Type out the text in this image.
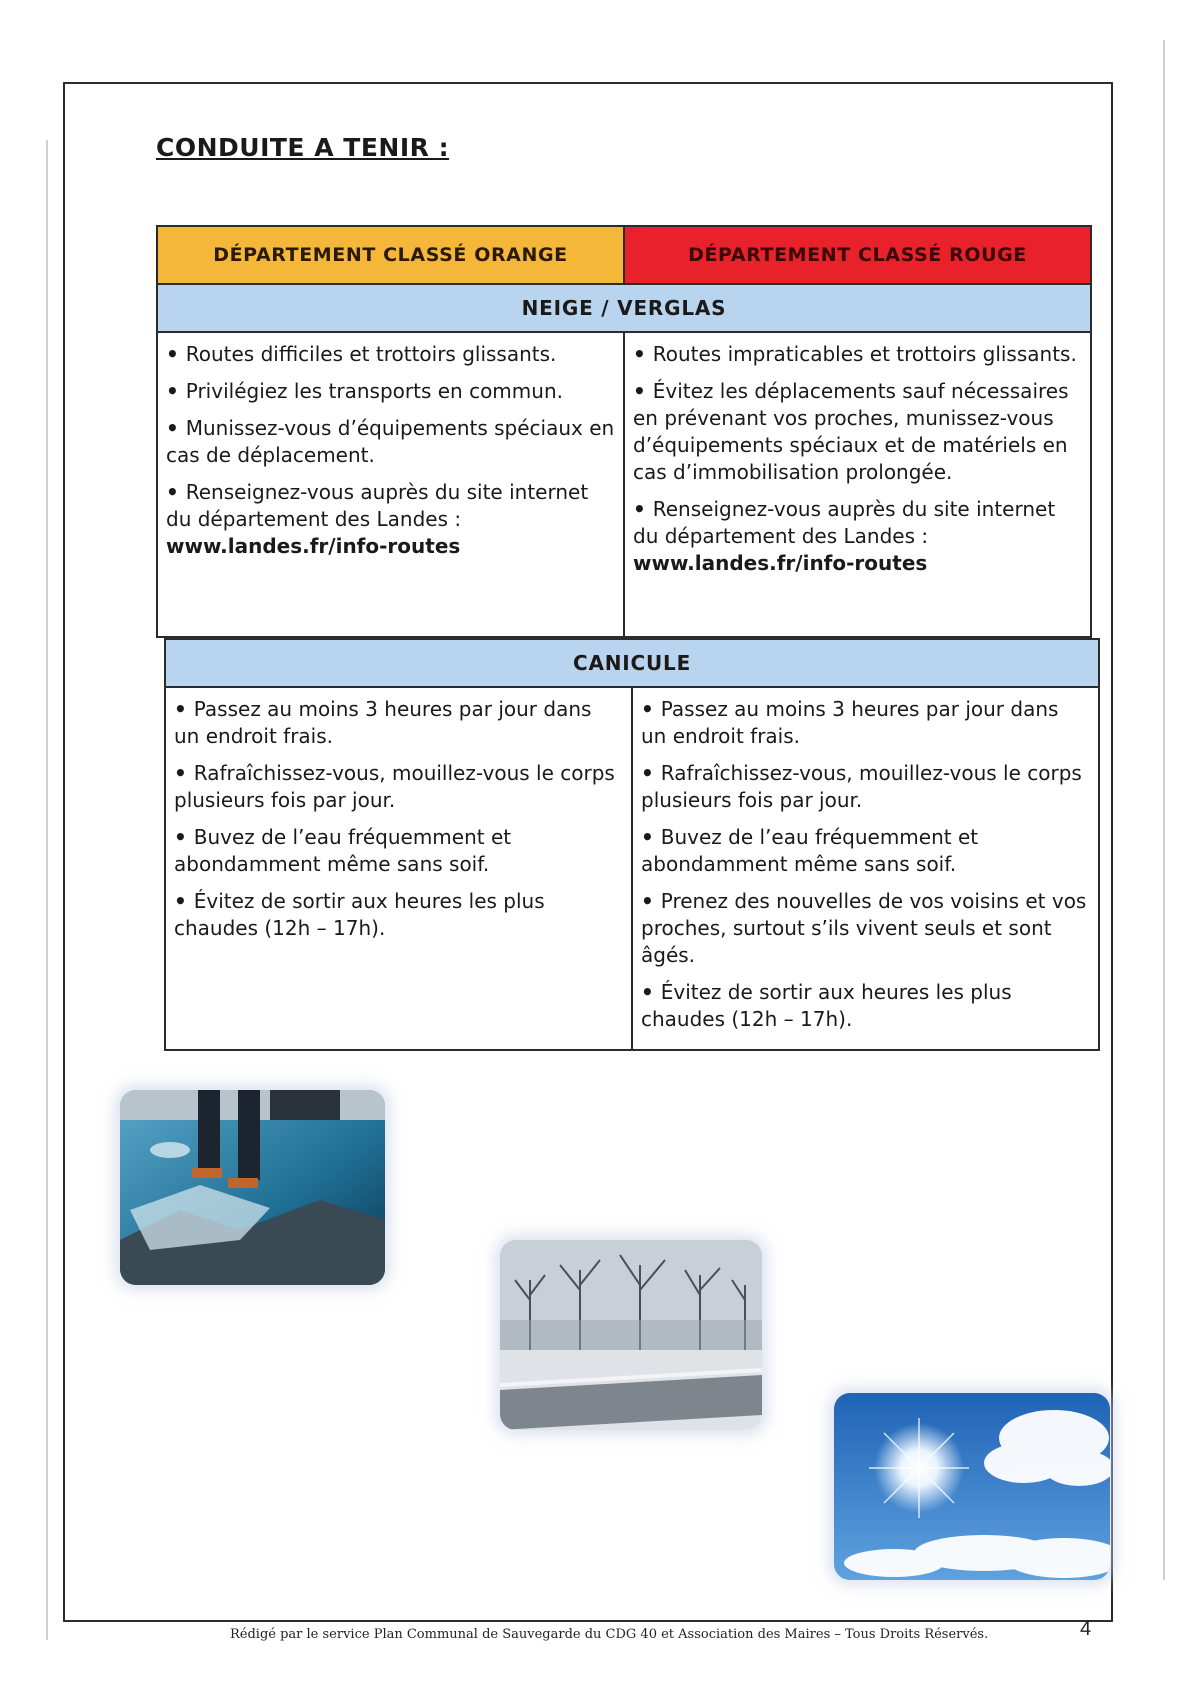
CONDUITE A TENIR :
DÉPARTEMENT CLASSÉ ORANGE	DÉPARTEMENT CLASSÉ ROUGE
NEIGE / VERGLAS

• Routes difficiles et trottoirs glissants.

• Privilégiez les transports en commun.

• Munissez-vous d’équipements spéciaux en cas de déplacement.

• Renseignez-vous auprès du site internet du département des Landes :
www.landes.fr/info-routes

• Routes impraticables et trottoirs glissants.

• Évitez les déplacements sauf nécessaires en prévenant vos proches, munissez-vous d’équipements spéciaux et de matériels en cas d’immobilisation prolongée.

• Renseignez-vous auprès du site internet du département des Landes :
www.landes.fr/info-routes

CANICULE

• Passez au moins 3 heures par jour dans un endroit frais.

• Rafraîchissez-vous, mouillez-vous le corps plusieurs fois par jour.

• Buvez de l’eau fréquemment et abondamment même sans soif.

• Évitez de sortir aux heures les plus chaudes (12h – 17h).

• Passez au moins 3 heures par jour dans un endroit frais.

• Rafraîchissez-vous, mouillez-vous le corps plusieurs fois par jour.

• Buvez de l’eau fréquemment et abondamment même sans soif.

• Prenez des nouvelles de vos voisins et vos proches, surtout s’ils vivent seuls et sont âgés.

• Évitez de sortir aux heures les plus chaudes (12h – 17h).

Rédigé par le service Plan Communal de Sauvegarde du CDG 40 et Association des Maires – Tous Droits Réservés.	4
